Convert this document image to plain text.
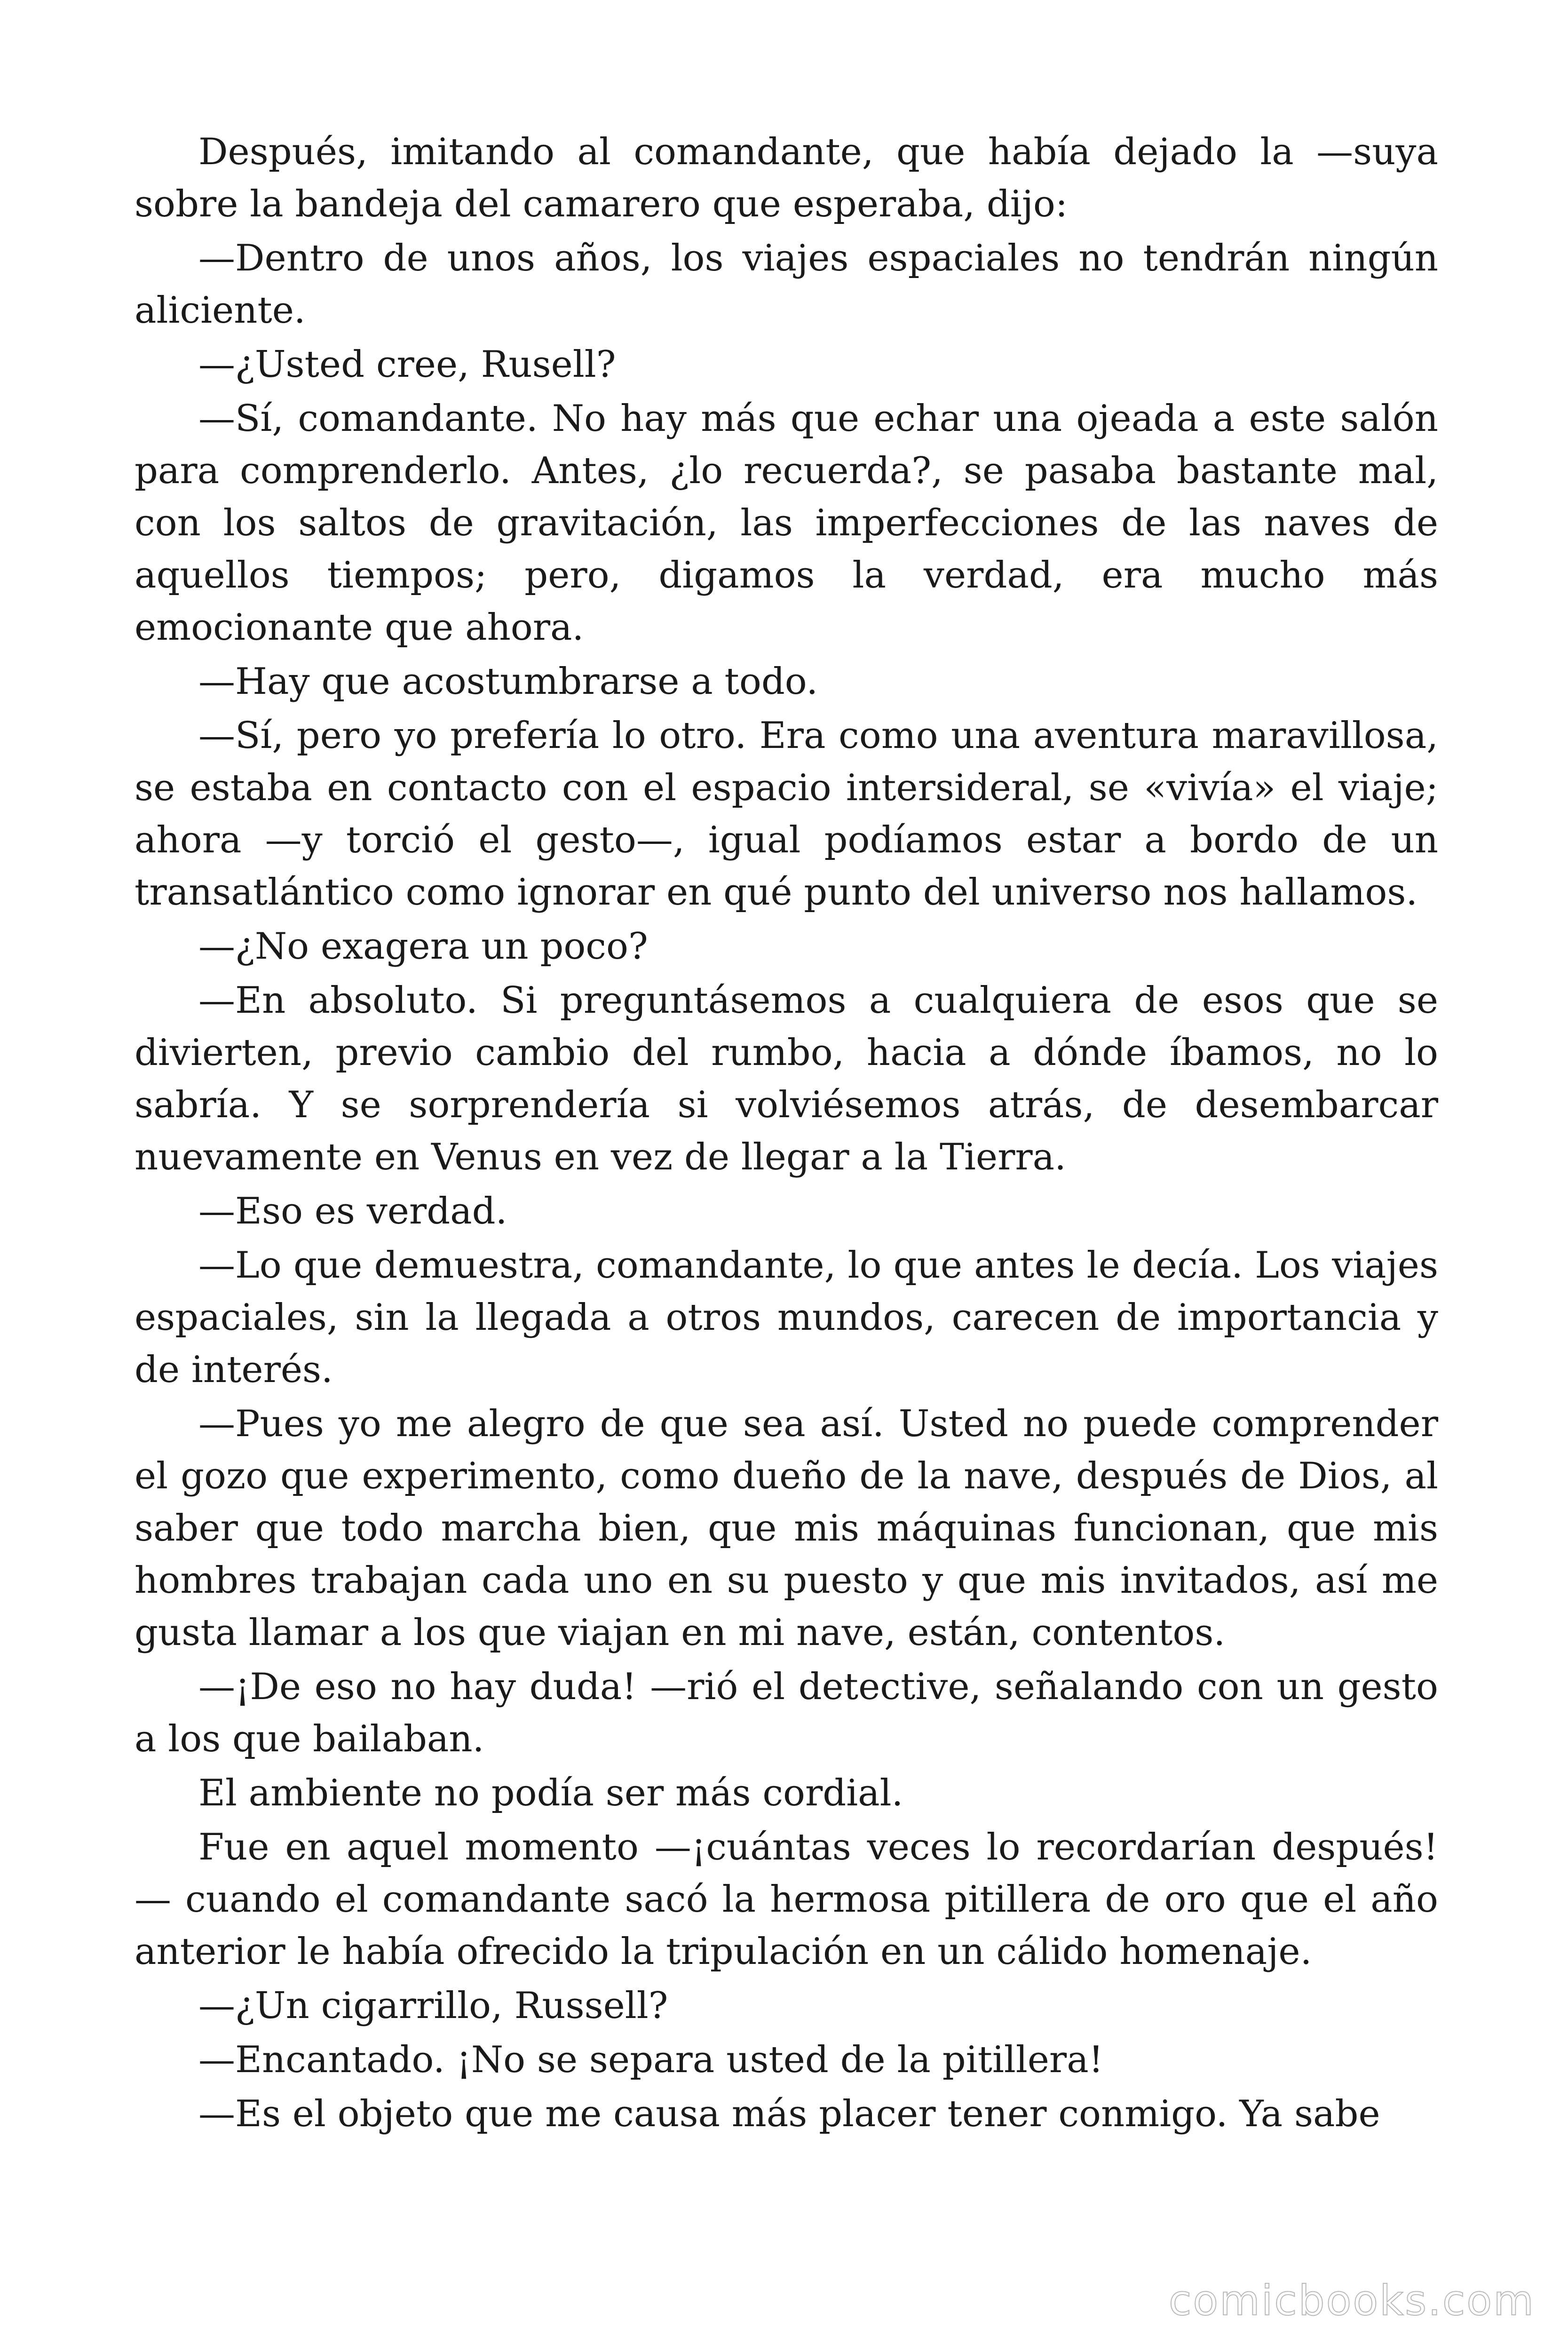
Después, imitando al comandante, que había dejado la —suya sobre la bandeja del camarero que esperaba, dijo:

—Dentro de unos años, los viajes espaciales no tendrán ningún aliciente.

—¿Usted cree, Rusell?

—Sí, comandante. No hay más que echar una ojeada a este salón para comprenderlo. Antes, ¿lo recuerda?, se pasaba bastante mal, con los saltos de gravitación, las imperfecciones de las naves de aquellos tiempos; pero, digamos la verdad, era mucho más emocionante que ahora.

—Hay que acostumbrarse a todo.

—Sí, pero yo prefería lo otro. Era como una aventura maravillosa, se estaba en contacto con el espacio intersideral, se «vivía» el viaje; ahora —y torció el gesto—, igual podíamos estar a bordo de un transatlántico como ignorar en qué punto del universo nos hallamos.

—¿No exagera un poco?

—En absoluto. Si preguntásemos a cualquiera de esos que se divierten, previo cambio del rumbo, hacia a dónde íbamos, no lo sabría. Y se sorprendería si volviésemos atrás, de desembarcar nuevamente en Venus en vez de llegar a la Tierra.

—Eso es verdad.

—Lo que demuestra, comandante, lo que antes le decía. Los viajes espaciales, sin la llegada a otros mundos, carecen de importancia y de interés.

—Pues yo me alegro de que sea así. Usted no puede comprender el gozo que experimento, como dueño de la nave, después de Dios, al saber que todo marcha bien, que mis máquinas funcionan, que mis hombres trabajan cada uno en su puesto y que mis invitados, así me gusta llamar a los que viajan en mi nave, están, contentos.

—¡De eso no hay duda! —rió el detective, señalando con un gesto a los que bailaban.

El ambiente no podía ser más cordial.

Fue en aquel momento —¡cuántas veces lo recordarían después! — cuando el comandante sacó la hermosa pitillera de oro que el año anterior le había ofrecido la tripulación en un cálido homenaje.

—¿Un cigarrillo, Russell?

—Encantado. ¡No se separa usted de la pitillera!

—Es el objeto que me causa más placer tener conmigo. Ya sabe

comicbooks.com
